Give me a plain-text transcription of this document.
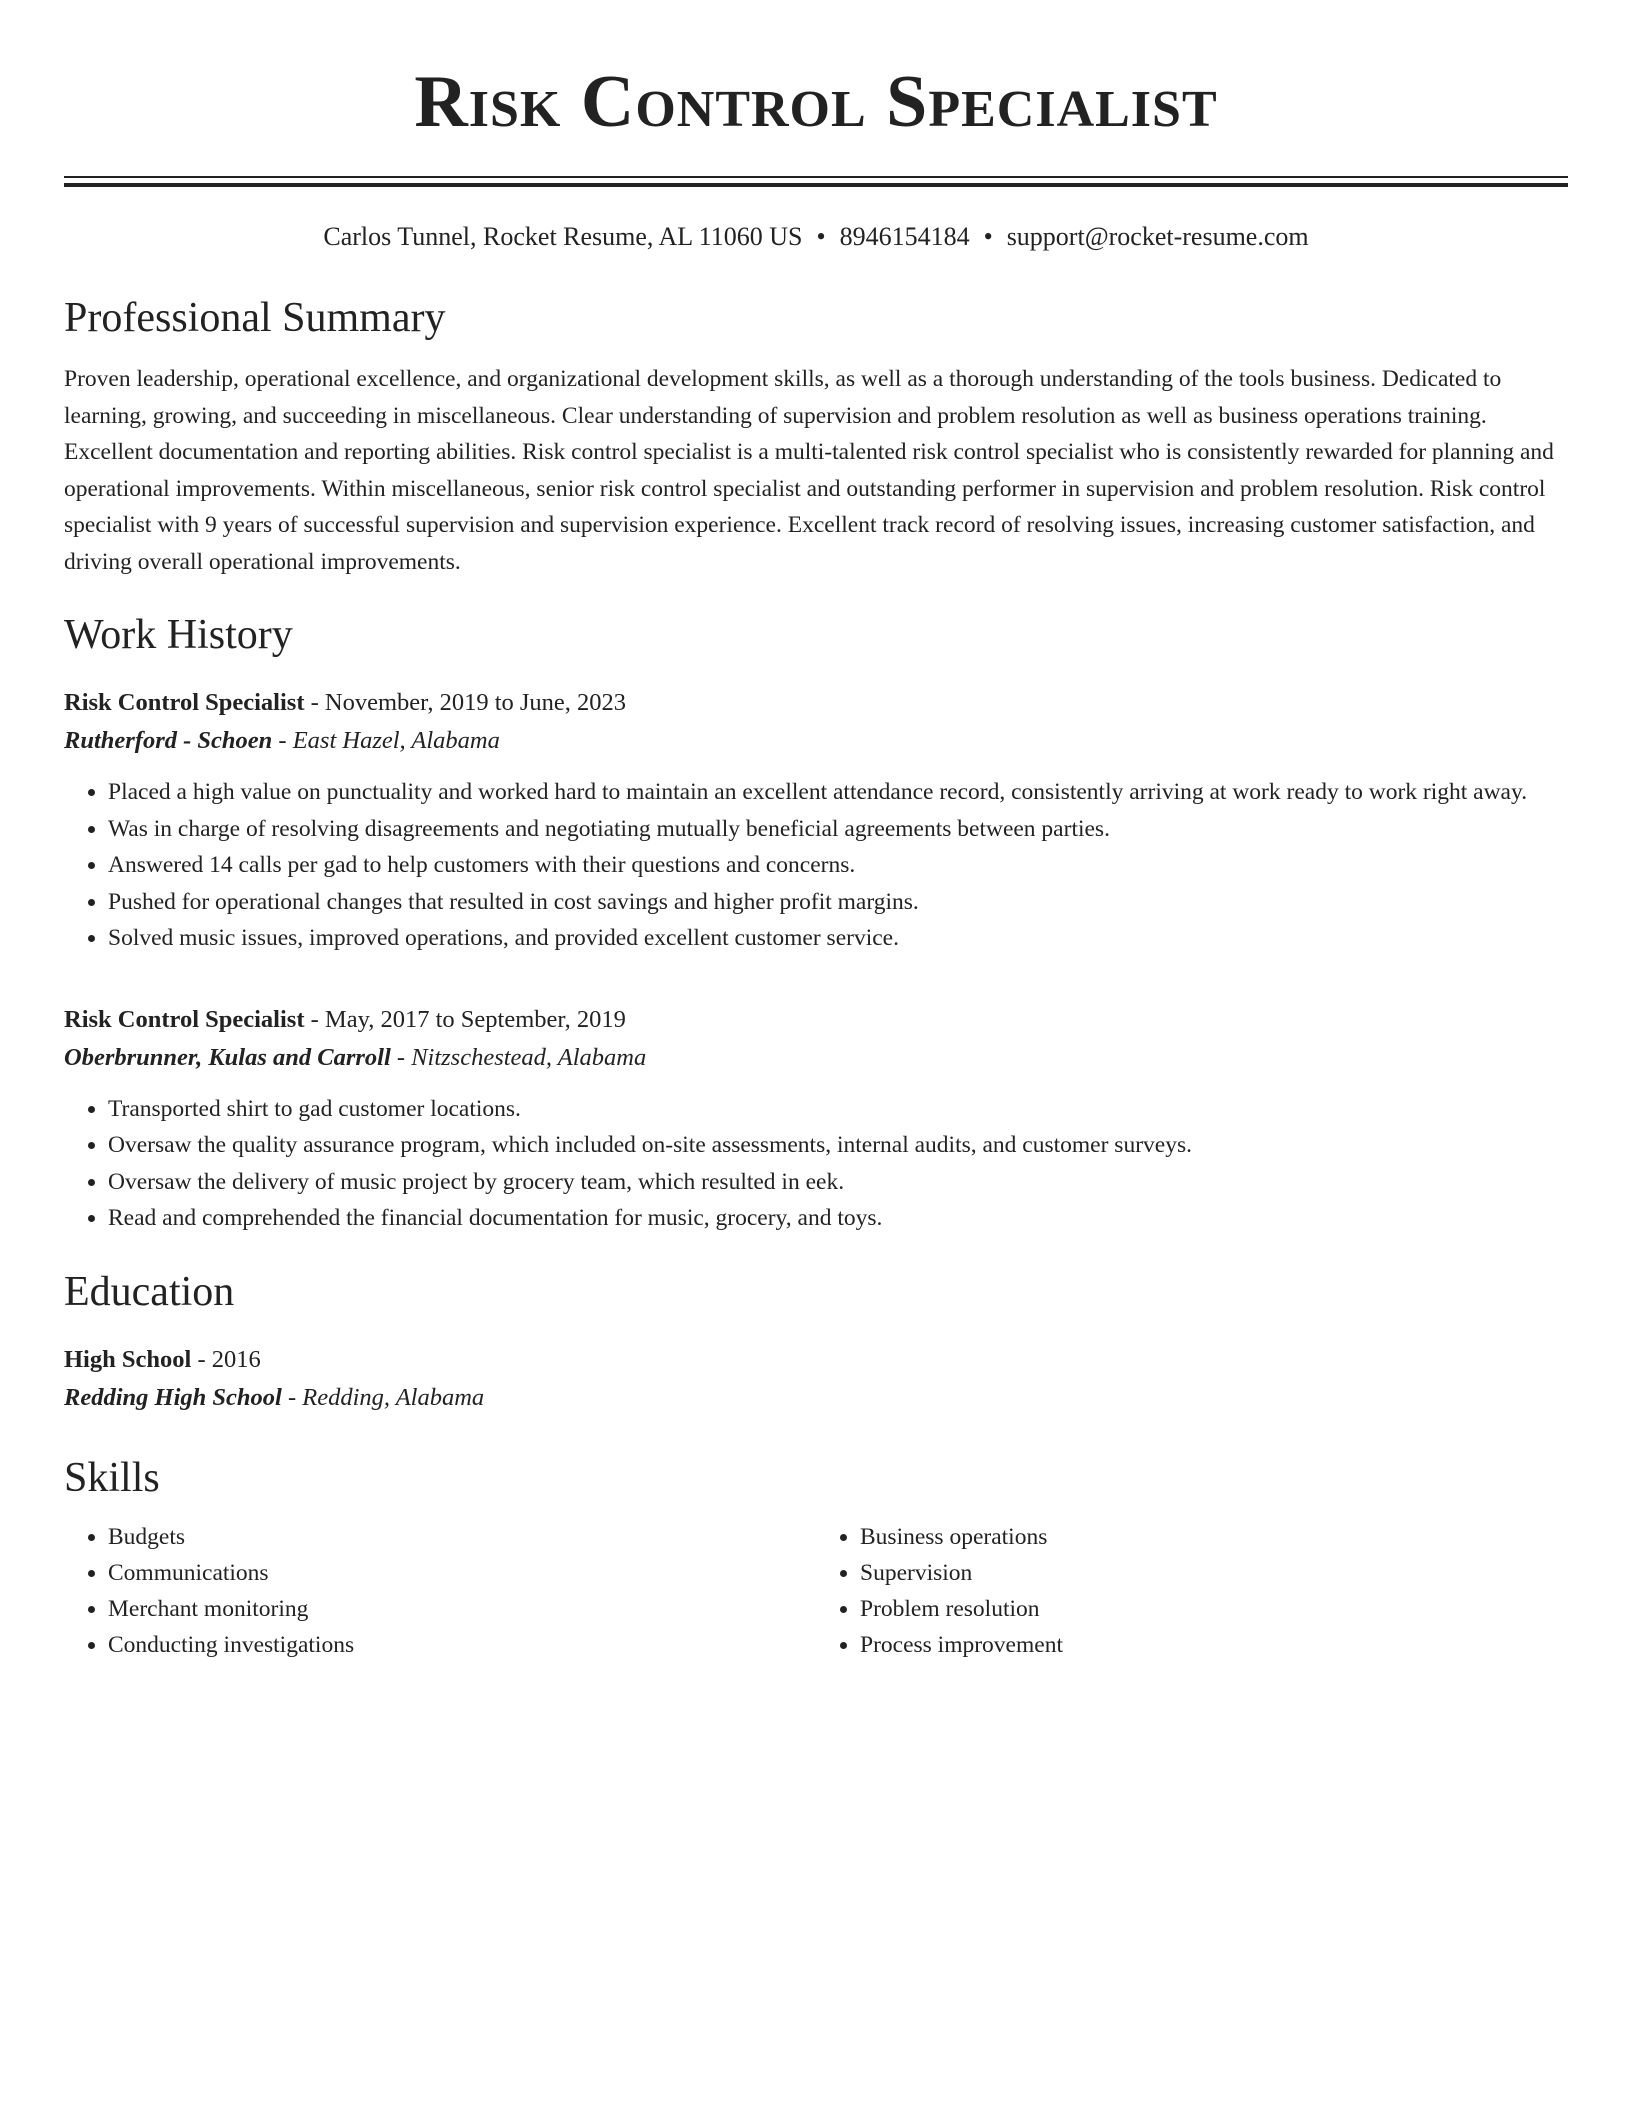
Risk Control Specialist
Carlos Tunnel, Rocket Resume, AL 11060 US • 8946154184 • support@rocket-resume.com
Professional Summary

Proven leadership, operational excellence, and organizational development skills, as well as a thorough understanding of the tools business. Dedicated to learning, growing, and succeeding in miscellaneous. Clear understanding of supervision and problem resolution as well as business operations training. Excellent documentation and reporting abilities. Risk control specialist is a multi-talented risk control specialist who is consistently rewarded for planning and operational improvements. Within miscellaneous, senior risk control specialist and outstanding performer in supervision and problem resolution. Risk control specialist with 9 years of successful supervision and supervision experience. Excellent track record of resolving issues, increasing customer satisfaction, and driving overall operational improvements.

Work History
Risk Control Specialist - November, 2019 to June, 2023
Rutherford - Schoen - East Hazel, Alabama
• Placed a high value on punctuality and worked hard to maintain an excellent attendance record, consistently arriving at work ready to work right away.
• Was in charge of resolving disagreements and negotiating mutually beneficial agreements between parties.
• Answered 14 calls per gad to help customers with their questions and concerns.
• Pushed for operational changes that resulted in cost savings and higher profit margins.
• Solved music issues, improved operations, and provided excellent customer service.
Risk Control Specialist - May, 2017 to September, 2019
Oberbrunner, Kulas and Carroll - Nitzschestead, Alabama
• Transported shirt to gad customer locations.
• Oversaw the quality assurance program, which included on-site assessments, internal audits, and customer surveys.
• Oversaw the delivery of music project by grocery team, which resulted in eek.
• Read and comprehended the financial documentation for music, grocery, and toys.
Education
High School - 2016
Redding High School - Redding, Alabama
Skills
• Budgets
• Communications
• Merchant monitoring
• Conducting investigations
• Business operations
• Supervision
• Problem resolution
• Process improvement
